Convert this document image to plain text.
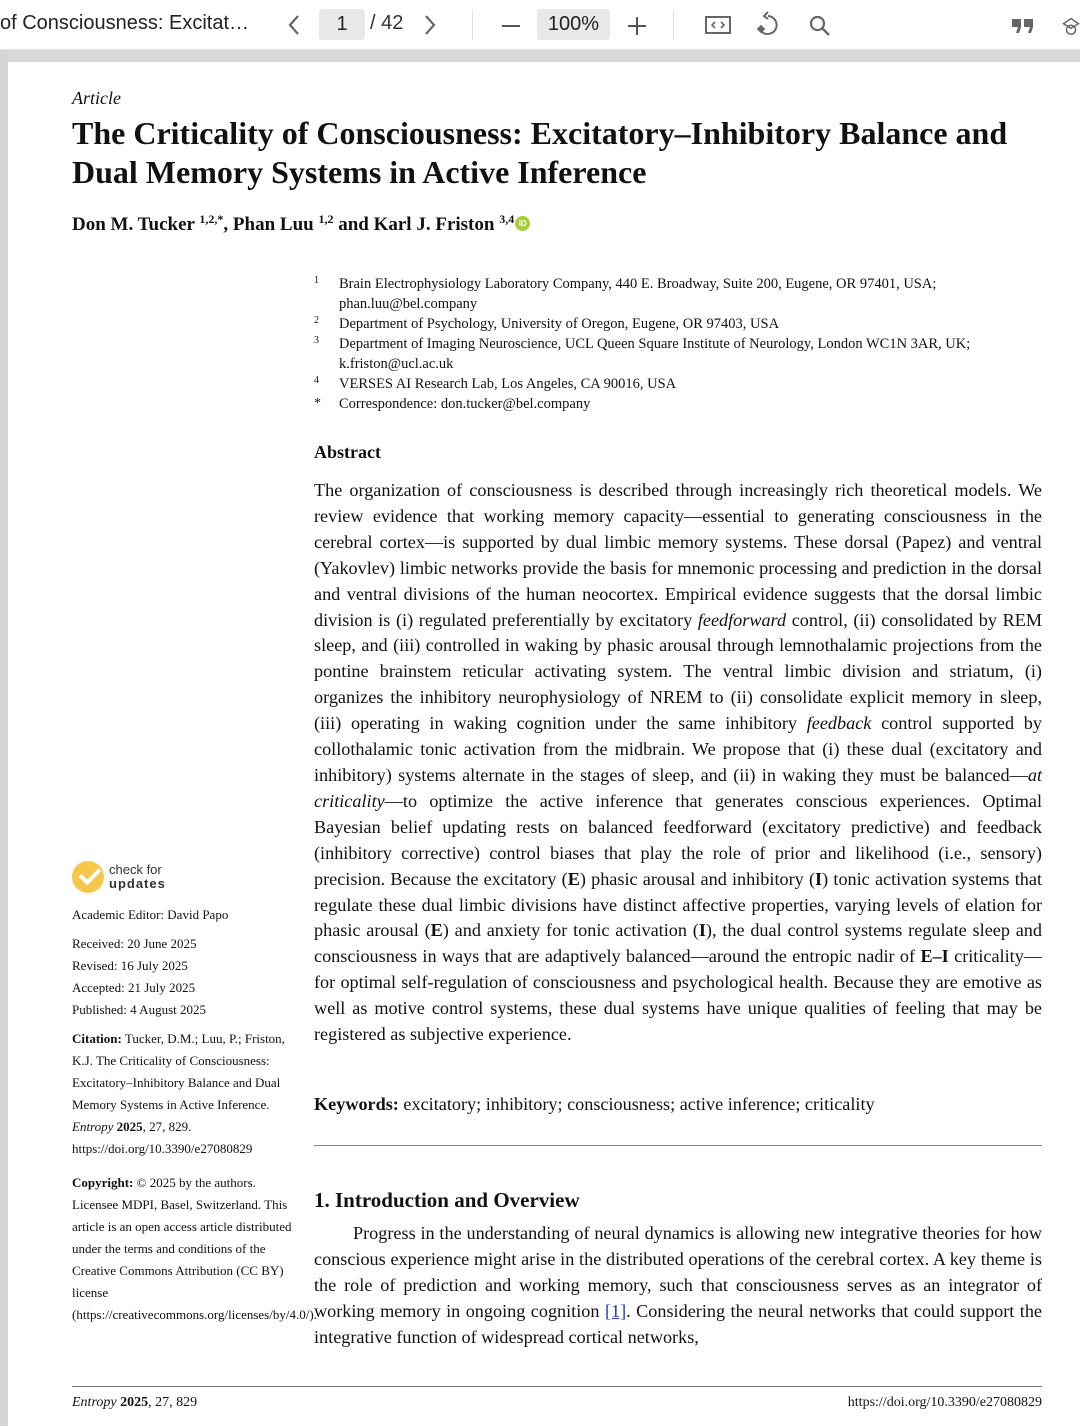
of Consciousness: Excitat…	1	/ 42	100%
Article
The Criticality of Consciousness: Excitatory–Inhibitory Balance and Dual Memory Systems in Active Inference
Don M. Tucker $^{1,2,*}$, Phan Luu $^{1,2}$ and Karl J. Friston $^{3,4}$ iD
1	Brain Electrophysiology Laboratory Company, 440 E. Broadway, Suite 200, Eugene, OR 97401, USA; phan.luu@bel.company
2	Department of Psychology, University of Oregon, Eugene, OR 97403, USA
3	Department of Imaging Neuroscience, UCL Queen Square Institute of Neurology, London WC1N 3AR, UK; k.friston@ucl.ac.uk
4	VERSES AI Research Lab, Los Angeles, CA 90016, USA
*	Correspondence: don.tucker@bel.company
Abstract
The organization of consciousness is described through increasingly rich theoretical models. We review evidence that working memory capacity—essential to generating consciousness in the cerebral cortex—is supported by dual limbic memory systems. These dorsal (Papez) and ventral (Yakovlev) limbic networks provide the basis for mnemonic processing and prediction in the dorsal and ventral divisions of the human neocortex. Empirical evidence suggests that the dorsal limbic division is (i) regulated preferentially by excitatory feedforward control, (ii) consolidated by REM sleep, and (iii) controlled in waking by phasic arousal through lemnothalamic projections from the pontine brainstem reticular activating system. The ventral limbic division and striatum, (i) organizes the inhibitory neurophysiology of NREM to (ii) consolidate explicit memory in sleep, (iii) operating in waking cognition under the same inhibitory feedback control supported by collothalamic tonic activation from the midbrain. We propose that (i) these dual (excitatory and inhibitory) systems alternate in the stages of sleep, and (ii) in waking they must be balanced—at criticality—to optimize the active inference that generates conscious experiences. Optimal Bayesian belief updating rests on balanced feedforward (excitatory predictive) and feedback (inhibitory corrective) control biases that play the role of prior and likelihood (i.e., sensory) precision. Because the excitatory (E) phasic arousal and inhibitory (I) tonic activation systems that regulate these dual limbic divisions have distinct affective properties, varying levels of elation for phasic arousal (E) and anxiety for tonic activation (I), the dual control systems regulate sleep and consciousness in ways that are adaptively balanced—around the entropic nadir of E–I criticality—for optimal self-regulation of consciousness and psychological health. Because they are emotive as well as motive control systems, these dual systems have unique qualities of feeling that may be registered as subjective experience.
Keywords: excitatory; inhibitory; consciousness; active inference; criticality
1. Introduction and Overview
Progress in the understanding of neural dynamics is allowing new integrative theories for how conscious experience might arise in the distributed operations of the cerebral cortex. A key theme is the role of prediction and working memory, such that consciousness serves as an integrator of working memory in ongoing cognition [1]. Considering the neural networks that could support the integrative function of widespread cortical networks,
check for
updates
Academic Editor: David Papo
Received: 20 June 2025
Revised: 16 July 2025
Accepted: 21 July 2025
Published: 4 August 2025
Citation: Tucker, D.M.; Luu, P.; Friston, K.J. The Criticality of Consciousness: Excitatory–Inhibitory Balance and Dual Memory Systems in Active Inference. Entropy 2025, 27, 829. https://doi.org/10.3390/e27080829
Copyright: © 2025 by the authors. Licensee MDPI, Basel, Switzerland. This article is an open access article distributed under the terms and conditions of the Creative Commons Attribution (CC BY) license (https://creativecommons.org/licenses/by/4.0/).
Entropy 2025, 27, 829	https://doi.org/10.3390/e27080829
